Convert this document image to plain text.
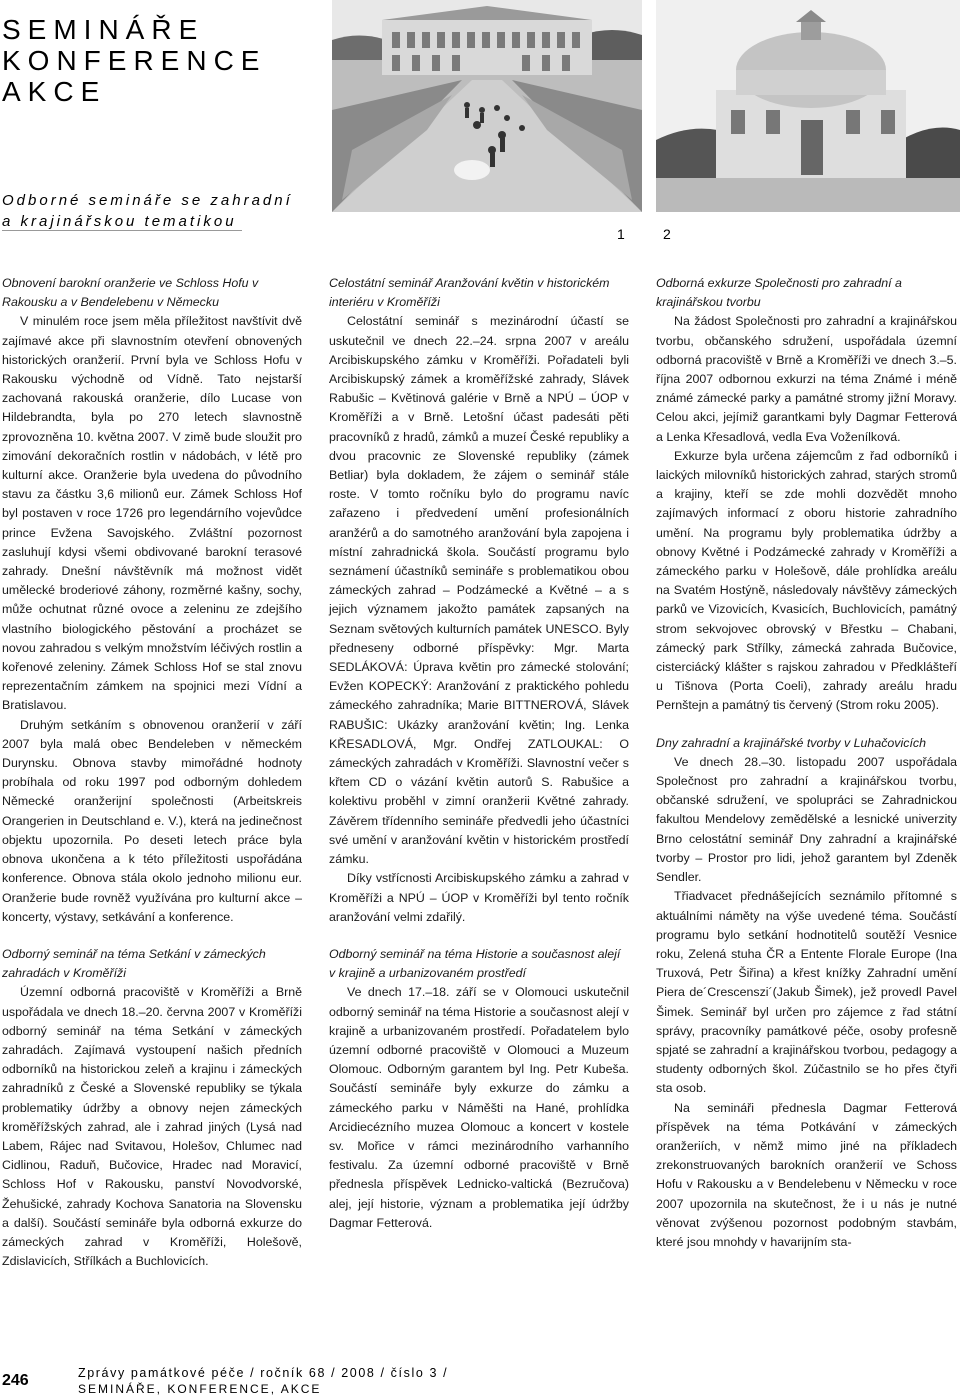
SEMINÁŘE
KONFERENCE
AKCE
Odborné semináře se zahradní
a krajinářskou tematikou
1	2

Obnovení barokní oranžerie ve Schloss Hofu v Rakousku a v Bendelebenu v Německu

V minulém roce jsem měla příležitost navštívit dvě zajímavé akce při slavnostním otevření obnovených historických oranžerií. První byla ve Schloss Hofu v Rakousku východně od Vídně. Tato nejstarší zachovaná rakouská oranžerie, dílo Lucase von Hildebrandta, byla po 270 letech slavnostně zprovozněna 10. května 2007. V zimě bude sloužit pro zimování dekoračních rostlin v nádobách, v létě pro kulturní akce. Oranžerie byla uvedena do původního stavu za částku 3,6 milionů eur. Zámek Schloss Hof byl postaven v roce 1726 pro legendárního vojevůdce prince Evžena Savojského. Zvláštní pozornost zasluhují kdysi všemi obdivované barokní terasové zahrady. Dnešní návštěvník má možnost vidět umělecké broderiové záhony, rozměrné kašny, sochy, může ochutnat různé ovoce a zeleninu ze zdejšího vlastního biologického pěstování a procházet se novou zahradou s velkým množstvím léčivých rostlin a kořenové zeleniny. Zámek Schloss Hof se stal znovu reprezentačním zámkem na spojnici mezi Vídní a Bratislavou.

Druhým setkáním s obnovenou oranžerií v září 2007 byla malá obec Bendeleben v německém Durynsku. Obnova stavby mimořádné hodnoty probíhala od roku 1997 pod odborným dohledem Německé oranžerijní společnosti (Arbeitskreis Orangerien in Deutschland e. V.), která na jedinečnost objektu upozornila. Po deseti letech práce byla obnova ukončena a k této příležitosti uspořádána konference. Obnova stála okolo jednoho milionu eur. Oranžerie bude rovněž využívána pro kulturní akce – koncerty, výstavy, setkávání a konference.

Odborný seminář na téma Setkání v zámeckých zahradách v Kroměříži

Územní odborná pracoviště v Kroměříži a Brně uspořádala ve dnech 18.–20. června 2007 v Kroměříži odborný seminář na téma Setkání v zámeckých zahradách. Zajímavá vystoupení našich předních odborníků na historickou zeleň a krajinu i zámeckých zahradníků z České a Slovenské republiky se týkala problematiky údržby a obnovy nejen zámeckých kroměřížských zahrad, ale i zahrad jiných (Lysá nad Labem, Rájec nad Svitavou, Holešov, Chlumec nad Cidlinou, Raduň, Bučovice, Hradec nad Moravicí, Schloss Hof v Rakousku, panství Novodvorské, Žehušické, zahrady Kochova Sanatoria na Slovensku a další). Součástí semináře byla odborná exkurze do zámeckých zahrad v Kroměříži, Holešově, Zdislavicích, Střílkách a Buchlovicích.

Celostátní seminář Aranžování květin v historickém interiéru v Kroměříži

Celostátní seminář s mezinárodní účastí se uskutečnil ve dnech 22.–24. srpna 2007 v areálu Arcibiskupského zámku v Kroměříži. Pořadateli byli Arcibiskupský zámek a kroměřížské zahrady, Slávek Rabušic – Květinová galérie v Brně a NPÚ – ÚOP v Kroměříži a v Brně. Letošní účast padesáti pěti pracovníků z hradů, zámků a muzeí České republiky a dvou pracovnic ze Slovenské republiky (zámek Betliar) byla dokladem, že zájem o seminář stále roste. V tomto ročníku bylo do programu navíc zařazeno i předvedení umění profesionálních aranžérů a do samotného aranžování byla zapojena i místní zahradnická škola. Součástí programu bylo seznámení účastníků semináře s problematikou obou zámeckých zahrad – Podzámecké a Květné – a s jejich významem jakožto památek zapsaných na Seznam světových kulturních památek UNESCO. Byly předneseny odborné příspěvky: Mgr. Marta SEDLÁKOVÁ: Úprava květin pro zámecké stolování; Evžen KOPECKÝ: Aranžování z praktického pohledu zámeckého zahradníka; Marie BITTNEROVÁ, Slávek RABUŠIC: Ukázky aranžování květin; Ing. Lenka KŘESADLOVÁ, Mgr. Ondřej ZATLOUKAL: O zámeckých zahradách v Kroměříži. Slavnostní večer s křtem CD o vázání květin autorů S. Rabušice a kolektivu proběhl v zimní oranžerii Květné zahrady. Závěrem třídenního semináře předvedli jeho účastníci své umění v aranžování květin v historickém prostředí zámku.

Díky vstřícnosti Arcibiskupského zámku a zahrad v Kroměříži a NPÚ – ÚOP v Kroměříži byl tento ročník aranžování velmi zdařilý.

Odborný seminář na téma Historie a současnost alejí v krajině a urbanizovaném prostředí

Ve dnech 17.–18. září se v Olomouci uskutečnil odborný seminář na téma Historie a současnost alejí v krajině a urbanizovaném prostředí. Pořadatelem bylo územní odborné pracoviště v Olomouci a Muzeum Olomouc. Odborným garantem byl Ing. Petr Kubeša. Součástí semináře byly exkurze do zámku a zámeckého parku v Náměšti na Hané, prohlídka Arcidiecézního muzea Olomouc a koncert v kostele sv. Mořice v rámci mezinárodního varhanního festivalu. Za územní odborné pracoviště v Brně přednesla příspěvek Lednicko-valtická (Bezručova) alej, její historie, význam a problematika její údržby Dagmar Fetterová.

Odborná exkurze Společnosti pro zahradní a krajinářskou tvorbu

Na žádost Společnosti pro zahradní a krajinářskou tvorbu, občanského sdružení, uspořádala územní odborná pracoviště v Brně a Kroměříži ve dnech 3.–5. října 2007 odbornou exkurzi na téma Známé i méně známé zámecké parky a památné stromy jižní Moravy. Celou akci, jejímiž garantkami byly Dagmar Fetterová a Lenka Křesadlová, vedla Eva Voženílková.

Exkurze byla určena zájemcům z řad odborníků i laických milovníků historických zahrad, starých stromů a krajiny, kteří se zde mohli dozvědět mnoho zajímavých informací z oboru historie zahradního umění. Na programu byly problematika údržby a obnovy Květné i Podzámecké zahrady v Kroměříži a zámeckého parku v Holešově, dále prohlídka areálu na Svatém Hostýně, následovaly návštěvy zámeckých parků ve Vizovicích, Kvasicích, Buchlovicích, památný strom sekvojovec obrovský v Břestku – Chabani, zámecký park Střílky, zámecká zahrada Bučovice, cisterciácký klášter s rajskou zahradou v Předklášteří u Tišnova (Porta Coeli), zahrady areálu hradu Pernštejn a památný tis červený (Strom roku 2005).

Dny zahradní a krajinářské tvorby v Luhačovicích

Ve dnech 28.–30. listopadu 2007 uspořádala Společnost pro zahradní a krajinářskou tvorbu, občanské sdružení, ve spolupráci se Zahradnickou fakultou Mendelovy zemědělské a lesnické univerzity Brno celostátní seminář Dny zahradní a krajinářské tvorby – Prostor pro lidi, jehož garantem byl Zdeněk Sendler.

Třiadvacet přednášejících seznámilo přítomné s aktuálními náměty na výše uvedené téma. Součástí programu bylo setkání hodnotitelů soutěží Vesnice roku, Zelená stuha ČR a Entente Florale Europe (Ina Truxová, Petr Šiřina) a křest knížky Zahradní umění Piera de´Crescenszi´(Jakub Šimek), jež provedl Pavel Šimek. Seminář byl určen pro zájemce z řad státní správy, pracovníky památkové péče, osoby profesně spjaté se zahradní a krajinářskou tvorbou, pedagogy a studenty odborných škol. Zúčastnilo se ho přes čtyři sta osob.

Na semináři přednesla Dagmar Fetterová příspěvek na téma Potkávání v zámeckých oranžeriích, v němž mimo jiné na příkladech zrekonstruovaných barokních oranžerií ve Schoss Hofu v Rakousku a v Bendelebenu v Německu v roce 2007 upozornila na skutečnost, že i u nás je nutné věnovat zvýšenou pozornost podobným stavbám, které jsou mnohdy v havarijním sta-

246	Zprávy památkové péče / ročník 68 / 2008 / číslo 3 /
SEMINÁŘE, KONFERENCE, AKCE
